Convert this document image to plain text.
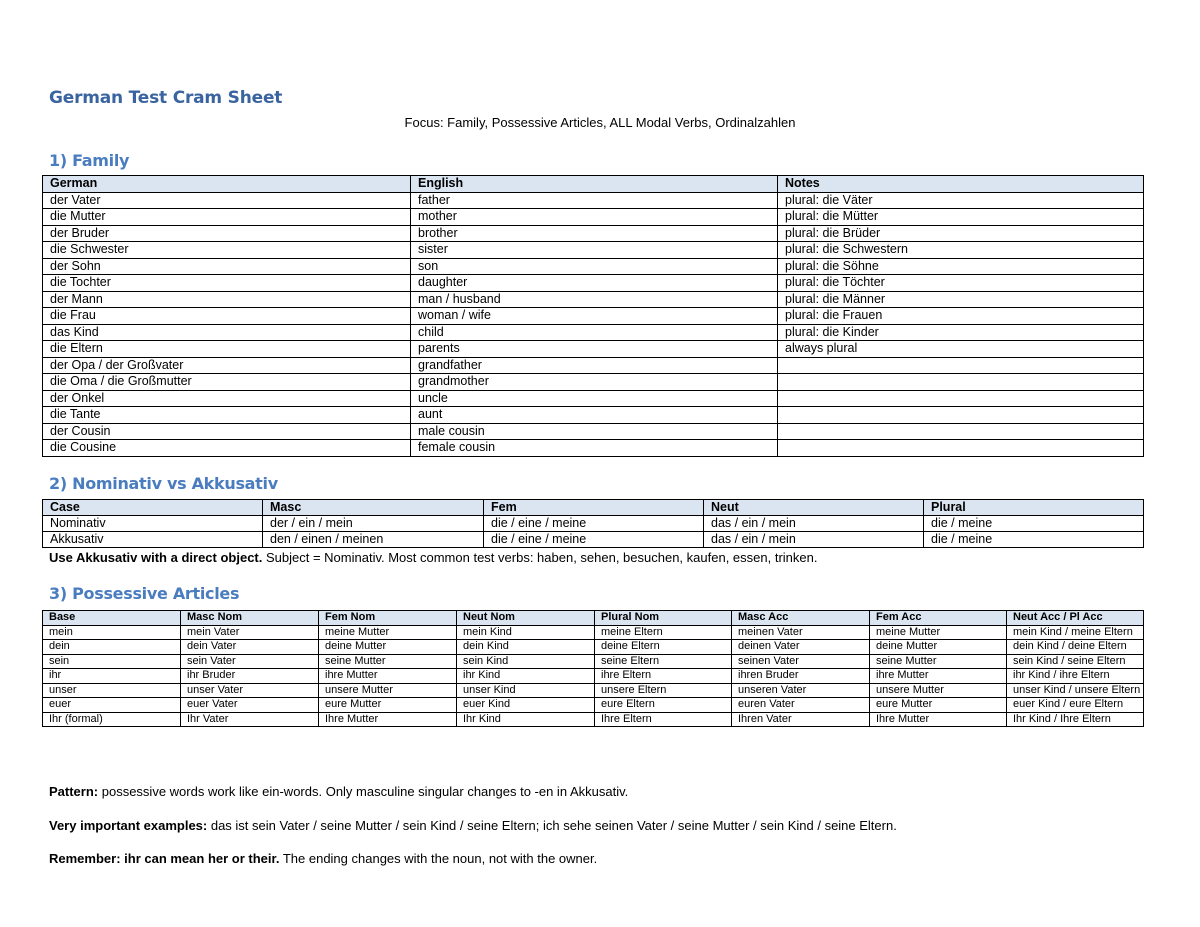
German Test Cram Sheet
Focus: Family, Possessive Articles, ALL Modal Verbs, Ordinalzahlen
1) Family
German	English	Notes
der Vater	father	plural: die Väter
die Mutter	mother	plural: die Mütter
der Bruder	brother	plural: die Brüder
die Schwester	sister	plural: die Schwestern
der Sohn	son	plural: die Söhne
die Tochter	daughter	plural: die Töchter
der Mann	man / husband	plural: die Männer
die Frau	woman / wife	plural: die Frauen
das Kind	child	plural: die Kinder
die Eltern	parents	always plural
der Opa / der Großvater	grandfather	
die Oma / die Großmutter	grandmother	
der Onkel	uncle	
die Tante	aunt	
der Cousin	male cousin	
die Cousine	female cousin	
2) Nominativ vs Akkusativ
Case	Masc	Fem	Neut	Plural
Nominativ	der / ein / mein	die / eine / meine	das / ein / mein	die / meine
Akkusativ	den / einen / meinen	die / eine / meine	das / ein / mein	die / meine
Use Akkusativ with a direct object. Subject = Nominativ. Most common test verbs: haben, sehen, besuchen, kaufen, essen, trinken.
3) Possessive Articles
Base	Masc Nom	Fem Nom	Neut Nom	Plural Nom	Masc Acc	Fem Acc	Neut Acc / Pl Acc
mein	mein Vater	meine Mutter	mein Kind	meine Eltern	meinen Vater	meine Mutter	mein Kind / meine Eltern
dein	dein Vater	deine Mutter	dein Kind	deine Eltern	deinen Vater	deine Mutter	dein Kind / deine Eltern
sein	sein Vater	seine Mutter	sein Kind	seine Eltern	seinen Vater	seine Mutter	sein Kind / seine Eltern
ihr	ihr Bruder	ihre Mutter	ihr Kind	ihre Eltern	ihren Bruder	ihre Mutter	ihr Kind / ihre Eltern
unser	unser Vater	unsere Mutter	unser Kind	unsere Eltern	unseren Vater	unsere Mutter	unser Kind / unsere Eltern
euer	euer Vater	eure Mutter	euer Kind	eure Eltern	euren Vater	eure Mutter	euer Kind / eure Eltern
Ihr (formal)	Ihr Vater	Ihre Mutter	Ihr Kind	Ihre Eltern	Ihren Vater	Ihre Mutter	Ihr Kind / Ihre Eltern
Pattern: possessive words work like ein-words. Only masculine singular changes to -en in Akkusativ.
Very important examples: das ist sein Vater / seine Mutter / sein Kind / seine Eltern; ich sehe seinen Vater / seine Mutter / sein Kind / seine Eltern.
Remember: ihr can mean her or their. The ending changes with the noun, not with the owner.
